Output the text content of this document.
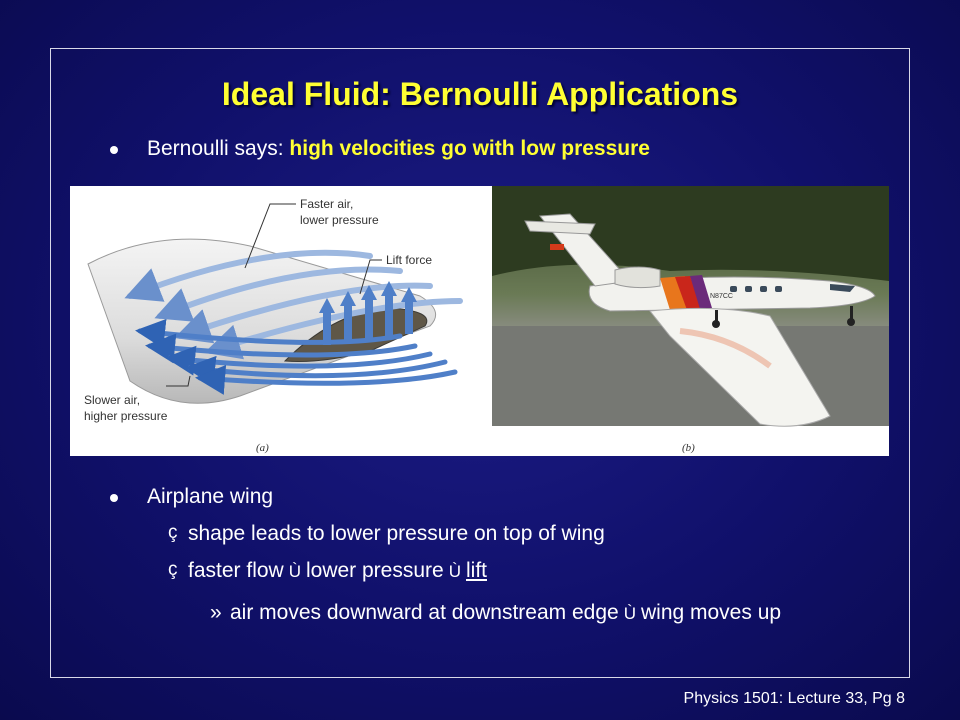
Ideal Fluid: Bernoulli Applications
Bernoulli says: high velocities go with low pressure
Faster air,
lower pressure
Lift force
Slower air,
higher pressure
(a)
N87CC
(b)
Airplane wing
ç shape leads to lower pressure on top of wing
ç faster flow Ù lower pressure Ù lift
» air moves downward at downstream edge Ù wing moves up
Physics 1501: Lecture 33, Pg 8
